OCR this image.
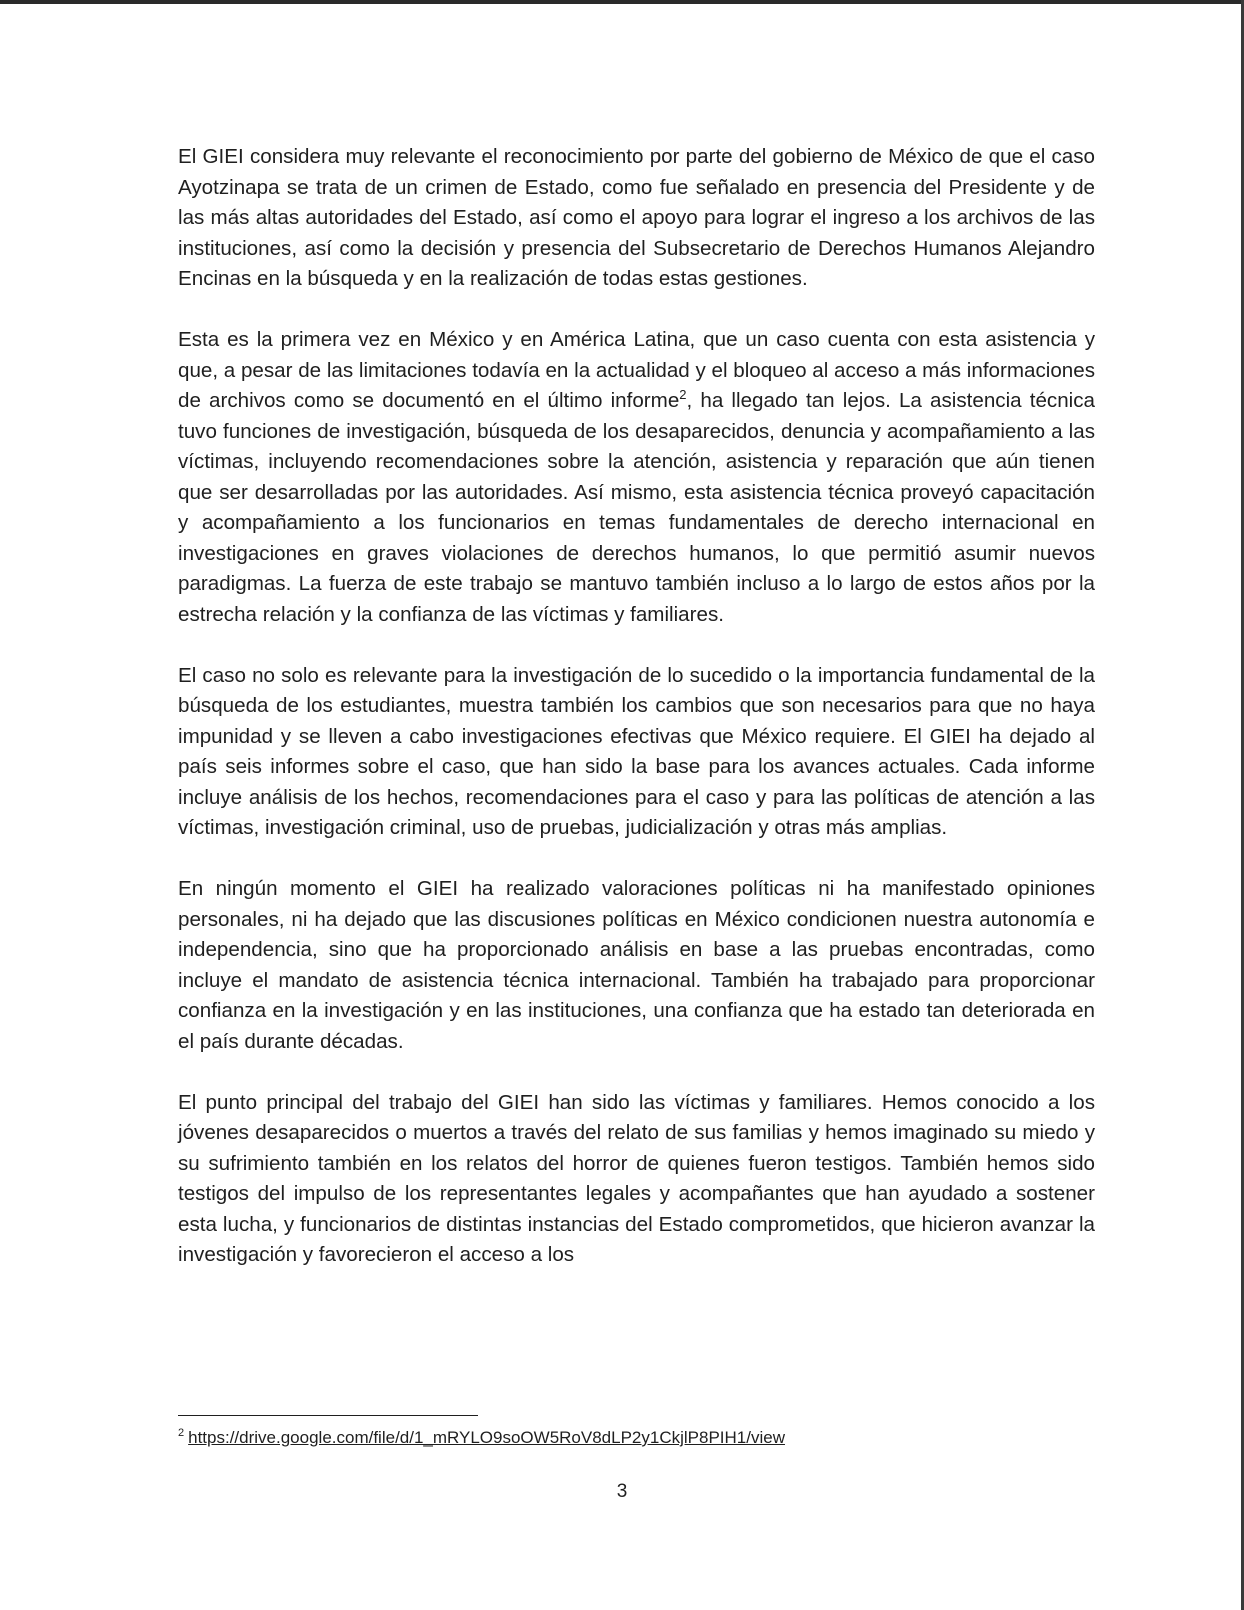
El GIEI considera muy relevante el reconocimiento por parte del gobierno de México de que el caso Ayotzinapa se trata de un crimen de Estado, como fue señalado en presencia del Presidente y de las más altas autoridades del Estado, así como el apoyo para lograr el ingreso a los archivos de las instituciones, así como la decisión y presencia del Subsecretario de Derechos Humanos Alejandro Encinas en la búsqueda y en la realización de todas estas gestiones.

Esta es la primera vez en México y en América Latina, que un caso cuenta con esta asistencia y que, a pesar de las limitaciones todavía en la actualidad y el bloqueo al acceso a más informaciones de archivos como se documentó en el último informe$^2$, ha llegado tan lejos. La asistencia técnica tuvo funciones de investigación, búsqueda de los desaparecidos, denuncia y acompañamiento a las víctimas, incluyendo recomendaciones sobre la atención, asistencia y reparación que aún tienen que ser desarrolladas por las autoridades. Así mismo, esta asistencia técnica proveyó capacitación y acompañamiento a los funcionarios en temas fundamentales de derecho internacional en investigaciones en graves violaciones de derechos humanos, lo que permitió asumir nuevos paradigmas. La fuerza de este trabajo se mantuvo también incluso a lo largo de estos años por la estrecha relación y la confianza de las víctimas y familiares.

El caso no solo es relevante para la investigación de lo sucedido o la importancia fundamental de la búsqueda de los estudiantes, muestra también los cambios que son necesarios para que no haya impunidad y se lleven a cabo investigaciones efectivas que México requiere. El GIEI ha dejado al país seis informes sobre el caso, que han sido la base para los avances actuales. Cada informe incluye análisis de los hechos, recomendaciones para el caso y para las políticas de atención a las víctimas, investigación criminal, uso de pruebas, judicialización y otras más amplias.

En ningún momento el GIEI ha realizado valoraciones políticas ni ha manifestado opiniones personales, ni ha dejado que las discusiones políticas en México condicionen nuestra autonomía e independencia, sino que ha proporcionado análisis en base a las pruebas encontradas, como incluye el mandato de asistencia técnica internacional. También ha trabajado para proporcionar confianza en la investigación y en las instituciones, una confianza que ha estado tan deteriorada en el país durante décadas.

El punto principal del trabajo del GIEI han sido las víctimas y familiares. Hemos conocido a los jóvenes desaparecidos o muertos a través del relato de sus familias y hemos imaginado su miedo y su sufrimiento también en los relatos del horror de quienes fueron testigos. También hemos sido testigos del impulso de los representantes legales y acompañantes que han ayudado a sostener esta lucha, y funcionarios de distintas instancias del Estado comprometidos, que hicieron avanzar la investigación y favorecieron el acceso a los

$^2$ https://drive.google.com/file/d/1_mRYLO9soOW5RoV8dLP2y1CkjlP8PIH1/view
3
